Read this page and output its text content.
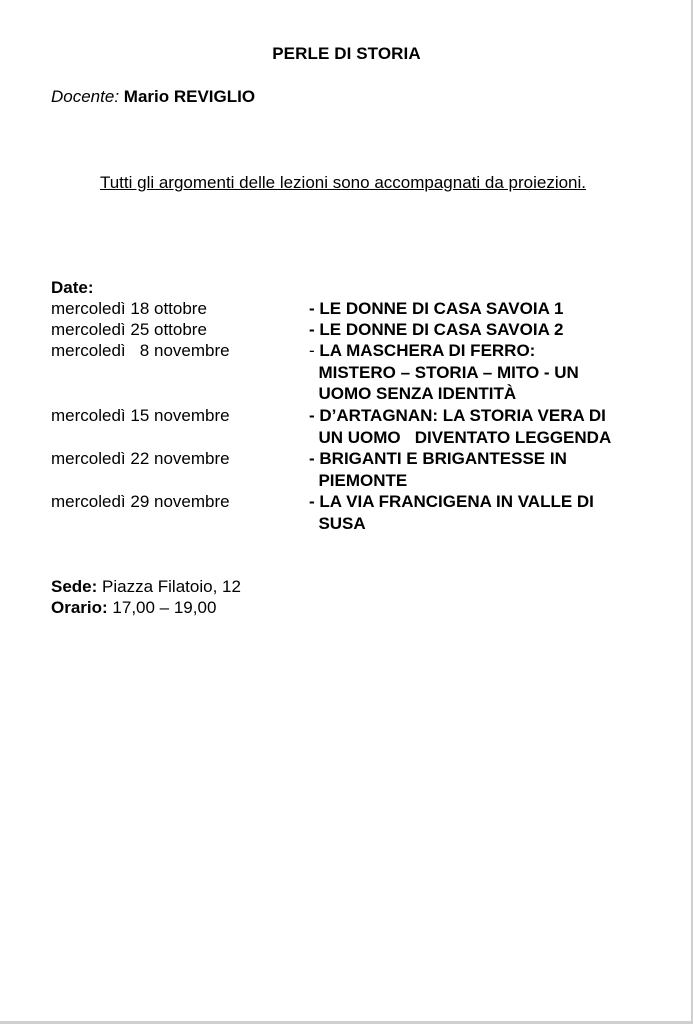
PERLE DI STORIA
Docente: Mario REVIGLIO
Tutti gli argomenti delle lezioni sono accompagnati da proiezioni.
Date:
mercoledì 18 ottobre	- LE DONNE DI CASA SAVOIA 1
mercoledì 25 ottobre	- LE DONNE DI CASA SAVOIA 2
mercoledì   8 novembre	- LA MASCHERA DI FERRO:
MISTERO – STORIA – MITO - UN
UOMO SENZA IDENTITÀ
mercoledì 15 novembre	- D’ARTAGNAN: LA STORIA VERA DI
UN UOMO   DIVENTATO LEGGENDA
mercoledì 22 novembre	- BRIGANTI E BRIGANTESSE IN
PIEMONTE
mercoledì 29 novembre	- LA VIA FRANCIGENA IN VALLE DI
SUSA
Sede: Piazza Filatoio, 12
Orario: 17,00 – 19,00
